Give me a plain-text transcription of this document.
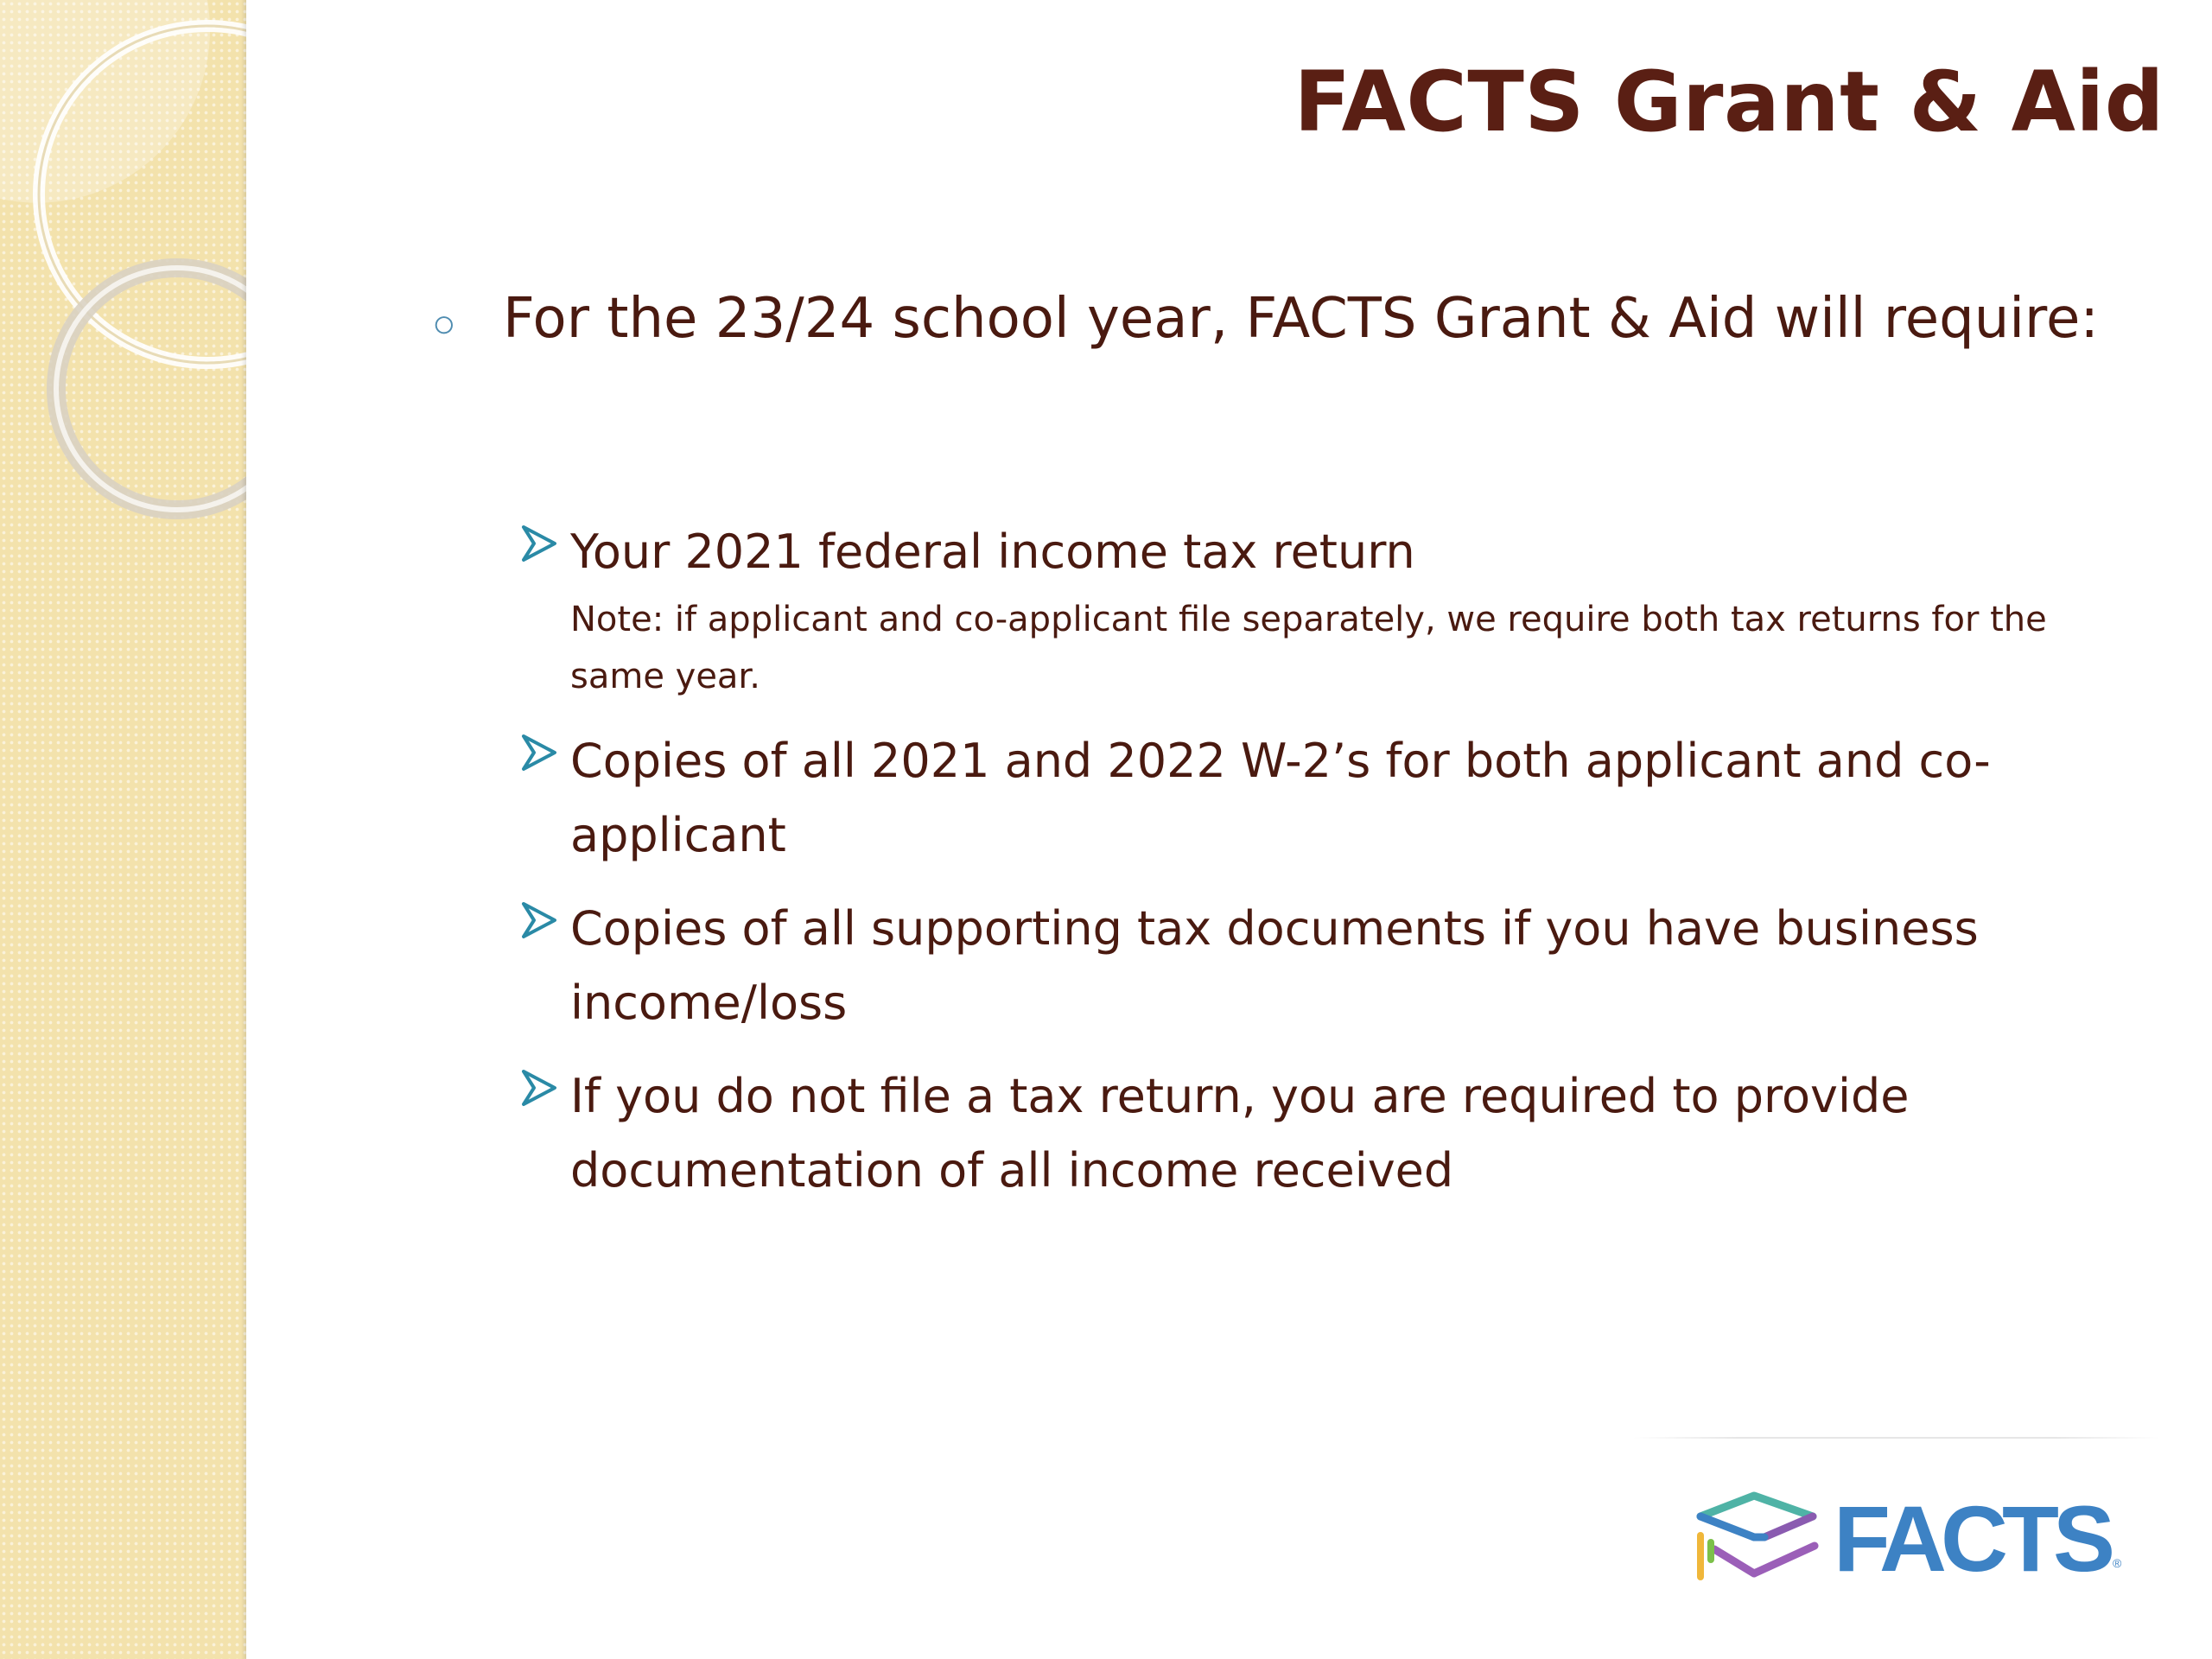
FACTS Grant & Aid
○ For the 23/24 school year, FACTS Grant & Aid will require:
Your 2021 federal income tax return
Note: if applicant and co-applicant file separately, we require both tax returns for the same year.
Copies of all 2021 and 2022 W-2’s for both applicant and co-applicant
Copies of all supporting tax documents if you have business income/loss
If you do not file a tax return, you are required to provide documentation of all income received
FACTS ®
